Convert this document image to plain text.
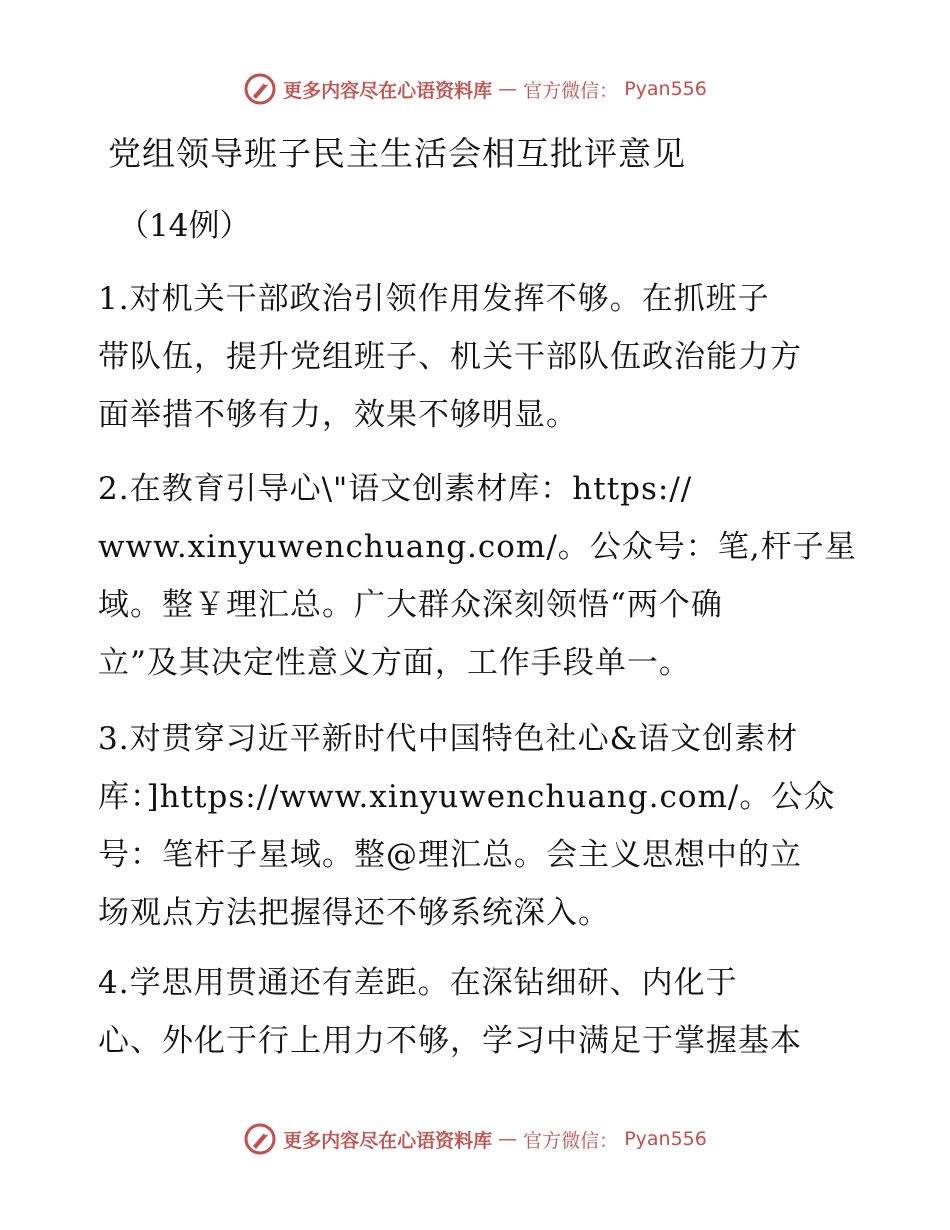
更多内容尽在心语资料库 — 官方微信： Pyan556
党组领导班子民主生活会相互批评意见
（14例）
1.对机关干部政治引领作用发挥不够。在抓班子
带队伍，提升党组班子、机关干部队伍政治能力方
面举措不够有力，效果不够明显。
2.在教育引导心\"语文创素材库：https://
www.xinyuwenchuang.com/。公众号：笔,杆子星
域。整￥理汇总。广大群众深刻领悟“两个确
立”及其决定性意义方面，工作手段单一。
3.对贯穿习近平新时代中国特色社心&语文创素材
库：]https://www.xinyuwenchuang.com/。公众
号：笔杆子星域。整@理汇总。会主义思想中的立
场观点方法把握得还不够系统深入。
4.学思用贯通还有差距。在深钻细研、内化于
心、外化于行上用力不够，学习中满足于掌握基本
更多内容尽在心语资料库 — 官方微信： Pyan556
